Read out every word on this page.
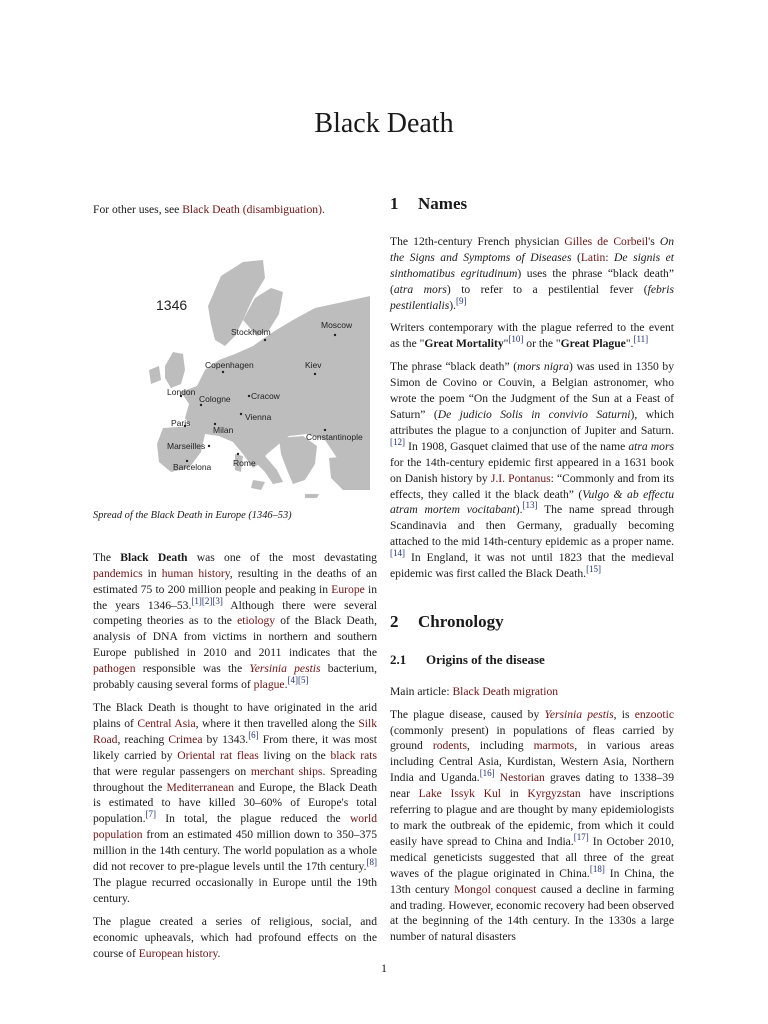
Black Death

For other uses, see Black Death (disambiguation).

1346
Stockholm
Moscow
Copenhagen	Kiev
London
Cologne Cracow
Vienna
Paris
Milan
Constantinople
Marseilles
Barcelona	Rome
Spread of the Black Death in Europe (1346–53)

The Black Death was one of the most devastating pandemics in human history, resulting in the deaths of an estimated 75 to 200 million people and peaking in Europe in the years 1346–53.[1][2][3] Although there were several competing theories as to the etiology of the Black Death, analysis of DNA from victims in northern and southern Europe published in 2010 and 2011 indicates that the pathogen responsible was the Yersinia pestis bacterium, probably causing several forms of plague.[4][5]

The Black Death is thought to have originated in the arid plains of Central Asia, where it then travelled along the Silk Road, reaching Crimea by 1343.[6] From there, it was most likely carried by Oriental rat fleas living on the black rats that were regular passengers on merchant ships. Spreading throughout the Mediterranean and Europe, the Black Death is estimated to have killed 30–60% of Europe's total population.[7] In total, the plague reduced the world population from an estimated 450 million down to 350–375 million in the 14th century. The world population as a whole did not recover to pre-plague levels until the 17th century.[8] The plague recurred occasionally in Europe until the 19th century.

The plague created a series of religious, social, and economic upheavals, which had profound effects on the course of European history.

1 Names

The 12th-century French physician Gilles de Corbeil's On the Signs and Symptoms of Diseases (Latin: De signis et sinthomatibus egritudinum) uses the phrase “black death” (atra mors) to refer to a pestilential fever (febris pestilentialis).[9]

Writers contemporary with the plague referred to the event as the "Great Mortality"[10] or the "Great Plague".[11]

The phrase “black death” (mors nigra) was used in 1350 by Simon de Covino or Couvin, a Belgian astronomer, who wrote the poem “On the Judgment of the Sun at a Feast of Saturn” (De judicio Solis in convivio Saturni), which attributes the plague to a conjunction of Jupiter and Saturn.[12] In 1908, Gasquet claimed that use of the name atra mors for the 14th-century epidemic first appeared in a 1631 book on Danish history by J.I. Pontanus: “Commonly and from its effects, they called it the black death” (Vulgo & ab effectu atram mortem vocitabant).[13] The name spread through Scandinavia and then Germany, gradually becoming attached to the mid 14th-century epidemic as a proper name.[14] In England, it was not until 1823 that the medieval epidemic was first called the Black Death.[15]

2 Chronology
2.1 Origins of the disease

Main article: Black Death migration

The plague disease, caused by Yersinia pestis, is enzootic (commonly present) in populations of fleas carried by ground rodents, including marmots, in various areas including Central Asia, Kurdistan, Western Asia, Northern India and Uganda.[16] Nestorian graves dating to 1338–39 near Lake Issyk Kul in Kyrgyzstan have inscriptions referring to plague and are thought by many epidemiologists to mark the outbreak of the epidemic, from which it could easily have spread to China and India.[17] In October 2010, medical geneticists suggested that all three of the great waves of the plague originated in China.[18] In China, the 13th century Mongol conquest caused a decline in farming and trading. However, economic recovery had been observed at the beginning of the 14th century. In the 1330s a large number of natural disasters

1
